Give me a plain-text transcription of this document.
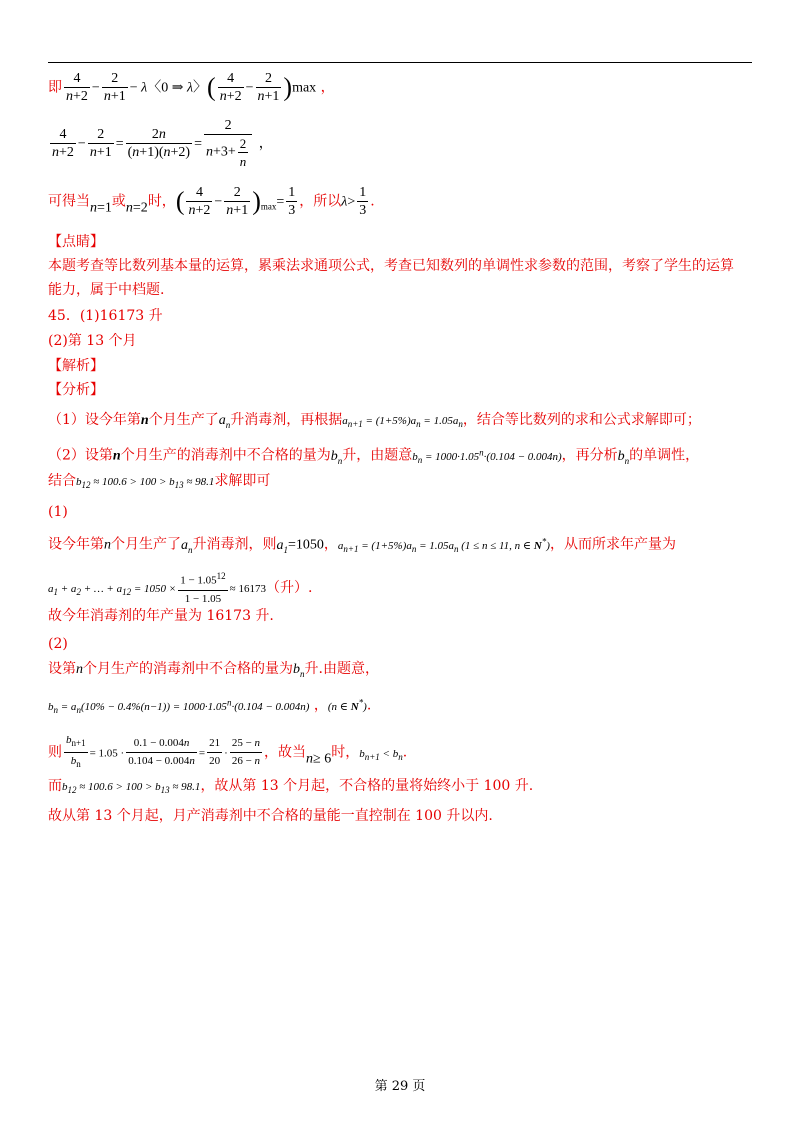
即 $\frac{4}{n+2} - \frac{2}{n+1} - \lambda$〈0 ⇒ λ〉( $\frac{4}{n+2} - \frac{2}{n+1} )\max$ ，
$\frac{4}{n+2} - \frac{2}{n+1} = \frac{2n}{(n+1)(n+2)} = \frac{2}{n+3+ \frac{2}{n}}$ ，
可得当n=1或n=2时，( $\frac{4}{n+2} - \frac{2}{n+1} )_{max}= \frac{1}{3}$ ，所以$\lambda> \frac{1}{3}$ .
【点睛】
本题考查等比数列基本量的运算，累乘法求通项公式，考查已知数列的单调性求参数的范围，考察了学生的运算
能力，属于中档题.
45．(1)16173 升
(2)第 13 个月
【解析】
【分析】
（1）设今年第n个月生产了$a_n$升消毒剂，再根据$a_{n+1} = (1+5\%)a_n = 1.05a_n$，结合等比数列的求和公式求解即可；
（2）设第n个月生产的消毒剂中不合格的量为$b_n$升，由题意$b_n = 1000\cdot 1.05^n\cdot(0.104 - 0.004n)$，再分析$b_n$的单调性，
结合$b_{12} \approx 100.6 > 100 > b_{13} \approx 98.1$求解即可
(1)
设今年第n个月生产了$a_n$升消毒剂，则$a_1=1050$，$a_{n+1} = (1+5\%)a_n = 1.05a_n$ (1 ≤ n ≤ 11, n ∈ N*)，从而所求年产量为
$a_1 + a_2$ + … + $a_{12} = 1050 \times \frac{1 - 1.05^{12}}{1 - 1.05} \approx 16173$（升）.
故今年消毒剂的年产量为 16173 升.
(2)
设第n个月生产的消毒剂中不合格的量为$b_n$升.由题意，
$b_n = a_n(10\% - 0.4\%(n-1)) = 1000\cdot 1.05^n\cdot(0.104 - 0.004n)$ ，(n ∈ N*).
则 $\frac{b_{n+1}}{b_n} = 1.05 \cdot \frac{0.1 - 0.004n}{0.104 - 0.004n} = \frac{21}{20} \cdot \frac{25 - n}{26 - n}$ ，故当n≥ 6时，$b_{n+1} < b_n$.
而$b_{12} \approx 100.6 > 100 > b_{13} \approx 98.1$，故从第 13 个月起，不合格的量将始终小于 100 升.
故从第 13 个月起，月产消毒剂中不合格的量能一直控制在 100 升以内.
第 29 页
